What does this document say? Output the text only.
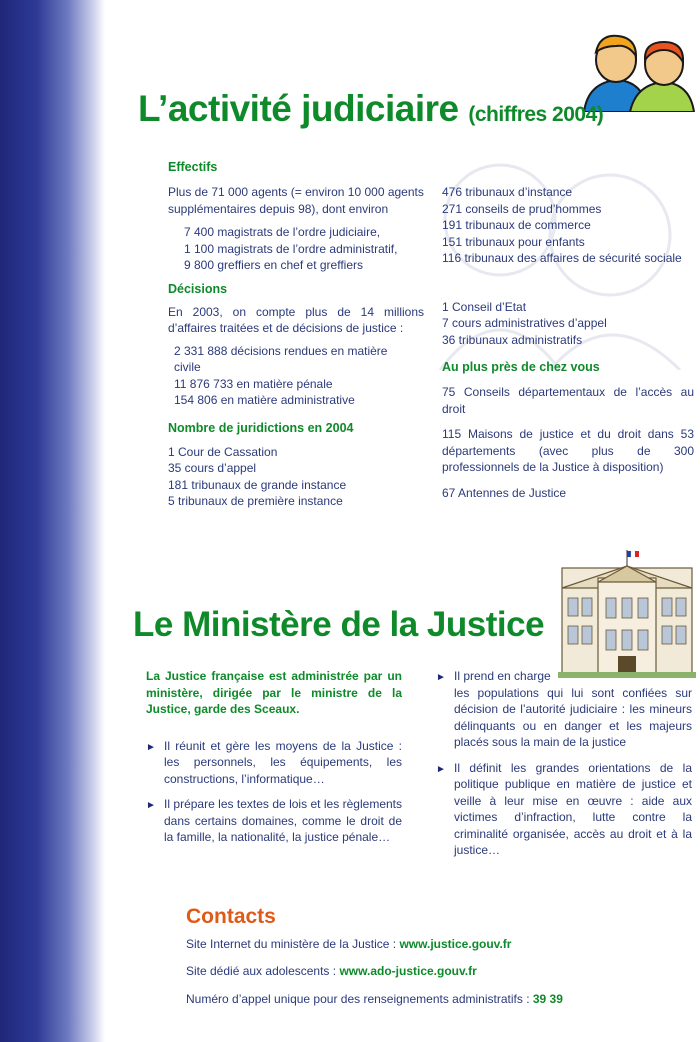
L’activité judiciaire (chiffres 2004)
Effectifs
Plus de 71 000 agents (= environ 10 000 agents
supplémentaires depuis 98), dont environ
7 400 magistrats de l’ordre judiciaire,
1 100 magistrats de l’ordre administratif,
9 800 greffiers en chef et greffiers
Décisions
En 2003, on compte plus de 14 millions d’affaires traitées et de décisions de justice :
2 331 888 décisions rendues en matière
civile
11 876 733 en matière pénale
154 806 en matière administrative
Nombre de juridictions en 2004
1 Cour de Cassation
35 cours d’appel
181 tribunaux de grande instance
5 tribunaux de première instance
476 tribunaux d’instance
271 conseils de prud’hommes
191 tribunaux de commerce
151 tribunaux pour enfants
116 tribunaux des affaires de sécurité sociale
1 Conseil d’Etat
7 cours administratives d’appel
36 tribunaux administratifs
Au plus près de chez vous
75 Conseils départementaux de l’accès au droit
115 Maisons de justice et du droit dans 53 départements (avec plus de 300 professionnels de la Justice à disposition)
67 Antennes de Justice
Le Ministère de la Justice
La Justice française est administrée par un ministère, dirigée par le ministre de la Justice, garde des Sceaux.
► Il réunit et gère les moyens de la Justice : les personnels, les équipements, les constructions, l’informatique…
► Il prépare les textes de lois et les règlements dans certains domaines, comme le droit de la famille, la nationalité, la justice pénale…
► Il prend en charge
les populations qui lui sont confiées sur décision de l’autorité judiciaire : les mineurs délinquants ou en danger et les majeurs placés sous la main de la justice
► Il définit les grandes orientations de la politique publique en matière de justice et veille à leur mise en œuvre : aide aux victimes d’infraction, lutte contre la criminalité organisée, accès au droit et à la justice…
Contacts
Site Internet du ministère de la Justice : www.justice.gouv.fr
Site dédié aux adolescents : www.ado-justice.gouv.fr
Numéro d’appel unique pour des renseignements administratifs : 39 39
